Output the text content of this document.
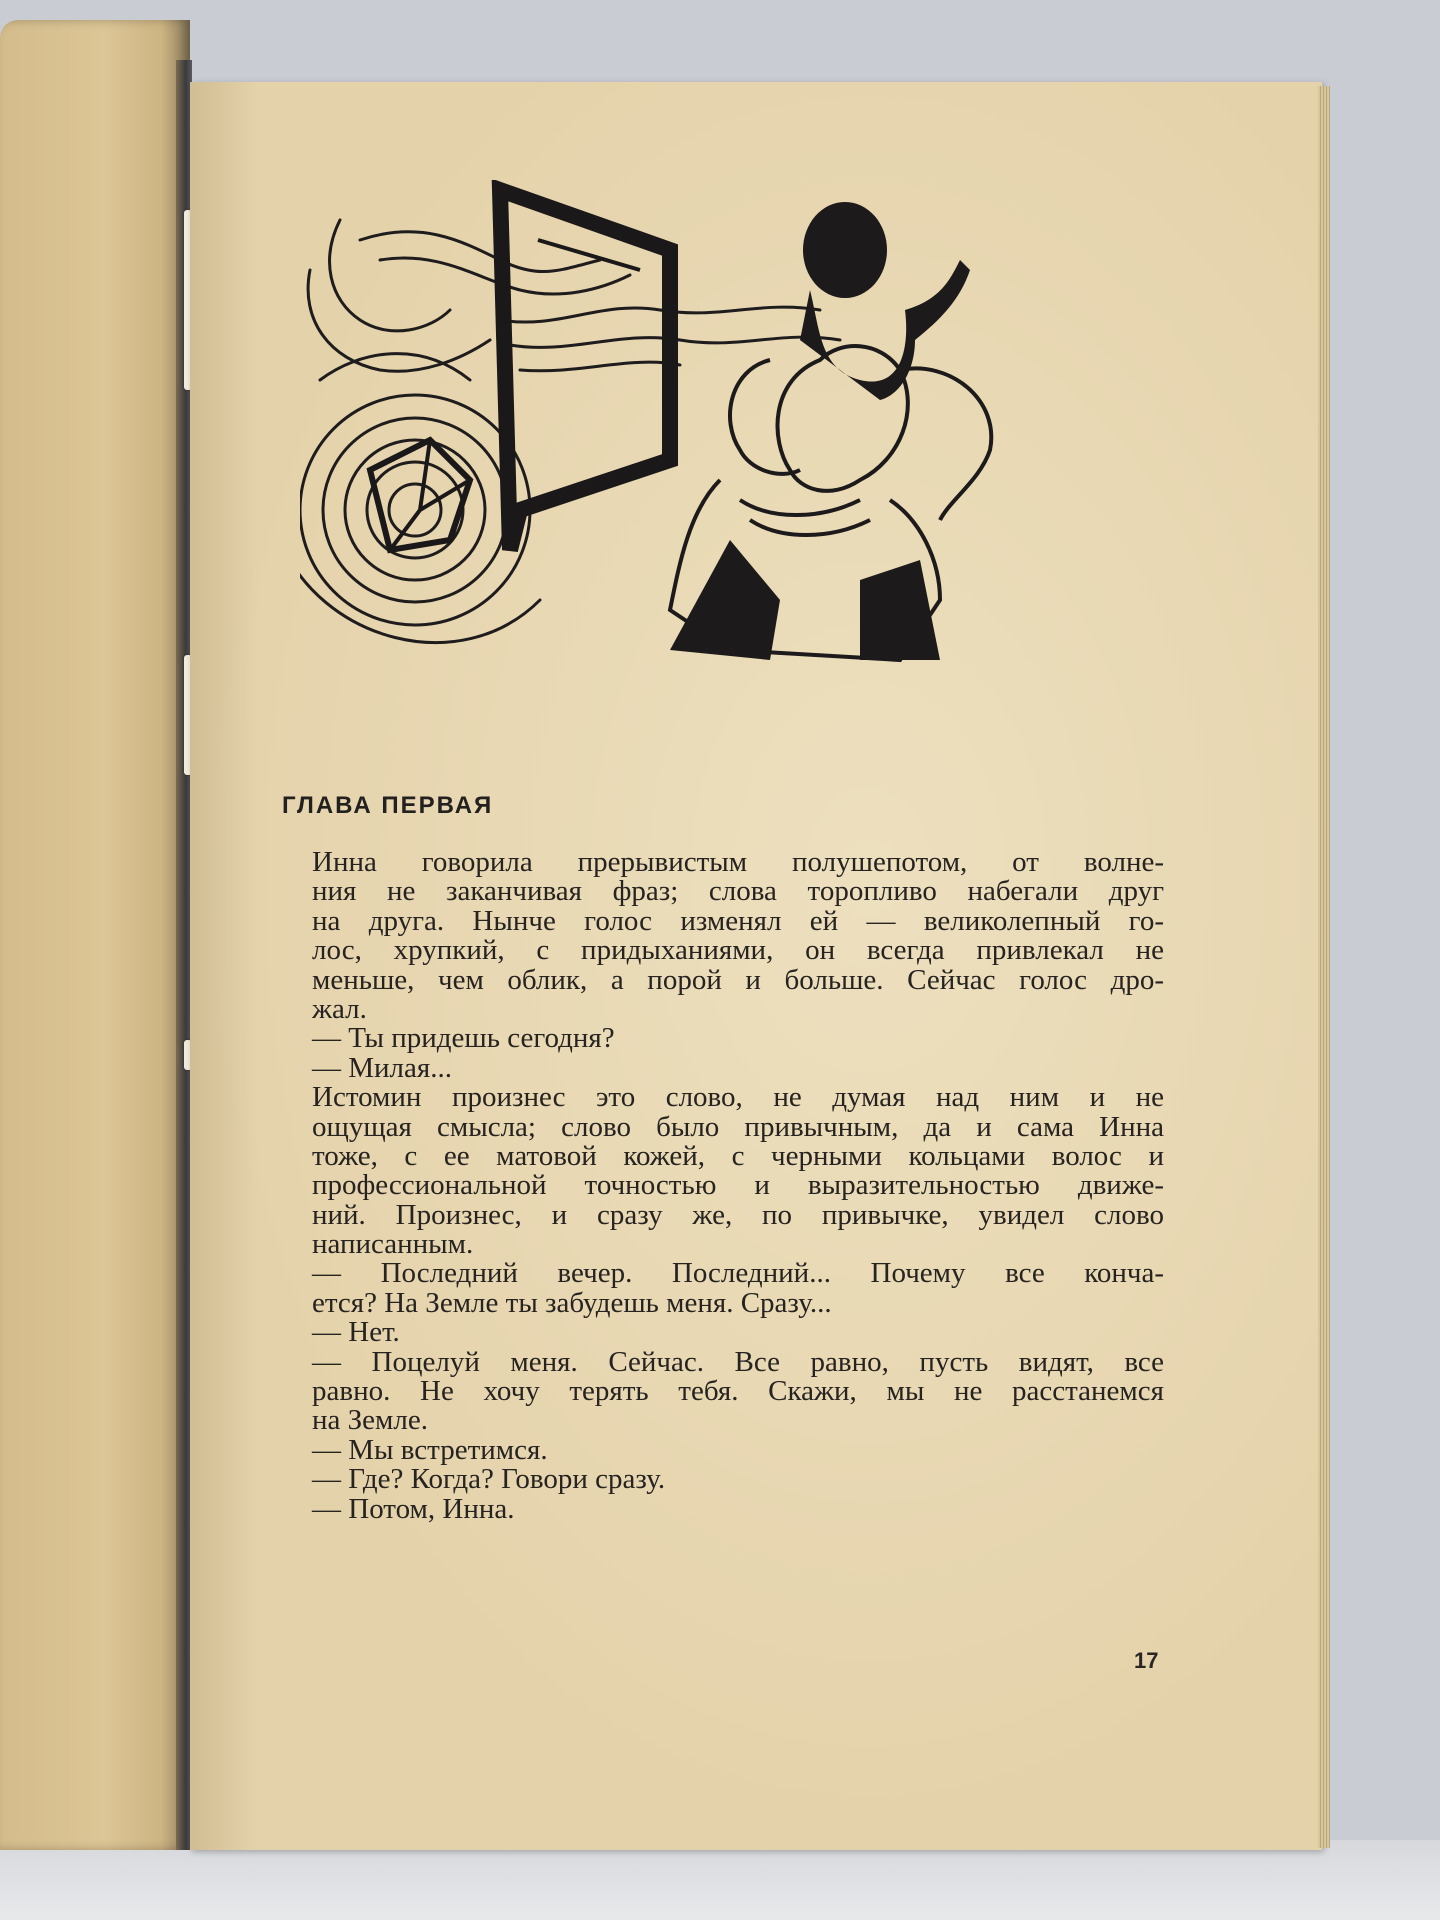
ГЛАВА ПЕРВАЯ
Инна говорила прерывистым полушепотом, от волне-
ния не заканчивая фраз; слова торопливо набегали друг
на друга. Нынче голос изменял ей — великолепный го-
лос, хрупкий, с придыханиями, он всегда привлекал не
меньше, чем облик, а порой и больше. Сейчас голос дро-
жал.
— Ты придешь сегодня?
— Милая...
Истомин произнес это слово, не думая над ним и не
ощущая смысла; слово было привычным, да и сама Инна
тоже, с ее матовой кожей, с черными кольцами волос и
профессиональной точностью и выразительностью движе-
ний. Произнес, и сразу же, по привычке, увидел слово
написанным.
— Последний вечер. Последний... Почему все конча-
ется? На Земле ты забудешь меня. Сразу...
— Нет.
— Поцелуй меня. Сейчас. Все равно, пусть видят, все
равно. Не хочу терять тебя. Скажи, мы не расстанемся
на Земле.
— Мы встретимся.
— Где? Когда? Говори сразу.
— Потом, Инна.
17
